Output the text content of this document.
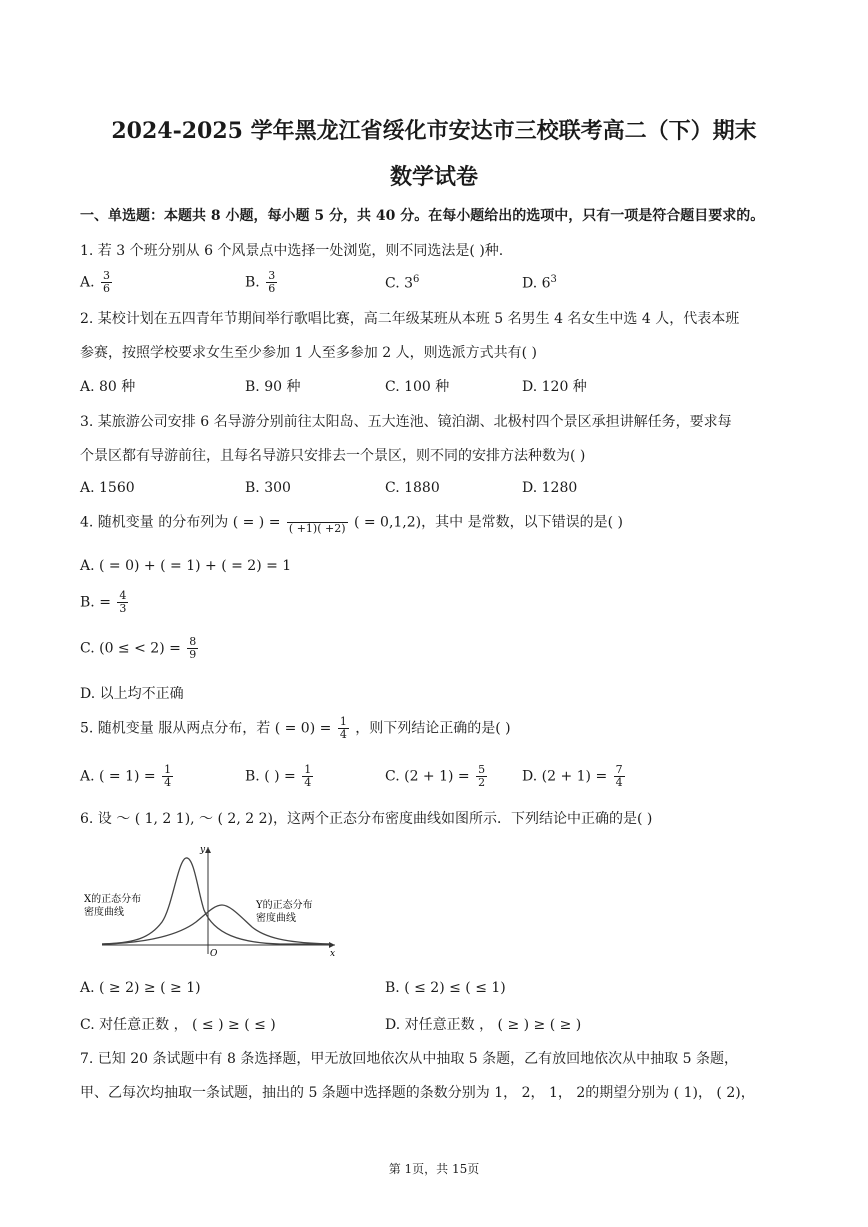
2024-2025 学年黑龙江省绥化市安达市三校联考高二（下）期末
数学试卷
一、单选题：本题共 8 小题，每小题 5 分，共 40 分。在每小题给出的选项中，只有一项是符合题目要求的。
1. 若 3 个班分别从 6 个风景点中选择一处浏览，则不同选法是( )种.
A. $\frac{3}{6}$	B. $\frac{3}{6}$	C. $3^6$	D. $6^3$
2. 某校计划在五四青年节期间举行歌唱比赛，高二年级某班从本班 5 名男生 4 名女生中选 4 人，代表本班
参赛，按照学校要求女生至少参加 1 人至多参加 2 人，则选派方式共有( )
A. 80 种	B. 90 种	C. 100 种	D. 120 种
3. 某旅游公司安排 6 名导游分别前往太阳岛、五大连池、镜泊湖、北极村四个景区承担讲解任务，要求每
个景区都有导游前往，且每名导游只安排去一个景区，则不同的安排方法种数为( )
A. 1560	B. 300	C. 1880	D. 1280
4. 随机变量 的分布列为 ( = ) =
( +1)( +2) ( = 0,1,2)，其中 是常数，以下错误的是( )
A. ( = 0) + ( = 1) + ( = 2) = 1
B. = $\frac{4}{3}$
C. (0 ≤ < $2) = \frac{8}{9}$
D. 以上均不正确
5. 随机变量 服从两点分布，若 ( = $0) = \frac{1}{4}$ ，则下列结论正确的是( )
A. ( = $1) = \frac{1}{4}$	B. ( ) = $\frac{1}{4}$	C. $(2 + 1) = \frac{5}{2} D$. $(2 + 1) = \frac{7}{4}$
6. 设 ～ ( 1, 2 1), ～ ( 2, 2 2)，这两个正态分布密度曲线如图所示．下列结论中正确的是( )
y
x
O
X的正态分布
密度曲线
Y的正态分布
密度曲线
A. ( ≥ 2) ≥ ( ≥ 1)	B. ( ≤ 2) ≤ ( ≤ 1)
C. 对任意正数 ， ( ≤ ) ≥ ( ≤ )	D. 对任意正数 ， ( ≥ ) ≥ ( ≥ )
7. 已知 20 条试题中有 8 条选择题，甲无放回地依次从中抽取 5 条题，乙有放回地依次从中抽取 5 条题，
甲、乙每次均抽取一条试题，抽出的 5 条题中选择题的条数分别为 1， 2， 1， 2的期望分别为 ( 1)， ( 2)，
第 1页，共 15页
